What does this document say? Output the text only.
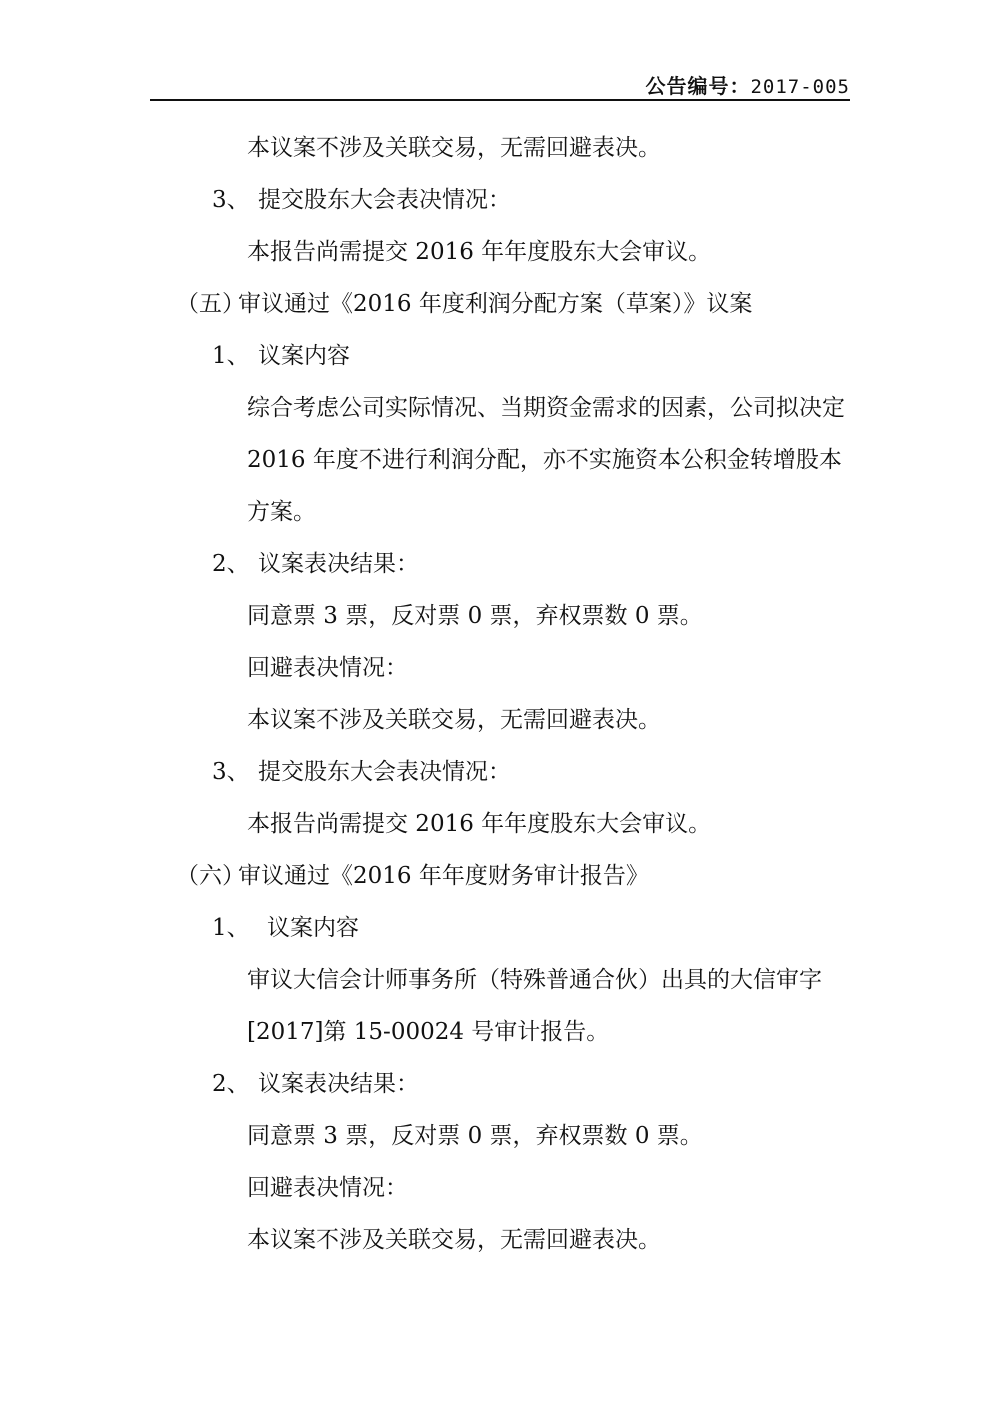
公告编号：2017-005
本议案不涉及关联交易，无需回避表决。
3、 提交股东大会表决情况：
本报告尚需提交 2016 年年度股东大会审议。
（五）审议通过《2016 年度利润分配方案（草案）》议案
1、 议案内容
综合考虑公司实际情况、当期资金需求的因素，公司拟决定
2016 年度不进行利润分配，亦不实施资本公积金转增股本
方案。
2、 议案表决结果：
同意票 3 票，反对票 0 票，弃权票数 0 票。
回避表决情况：
本议案不涉及关联交易，无需回避表决。
3、 提交股东大会表决情况：
本报告尚需提交 2016 年年度股东大会审议。
（六）审议通过《2016 年年度财务审计报告》
1、 议案内容
审议大信会计师事务所（特殊普通合伙）出具的大信审字
[2017]第 15-00024 号审计报告。
2、 议案表决结果：
同意票 3 票，反对票 0 票，弃权票数 0 票。
回避表决情况：
本议案不涉及关联交易，无需回避表决。
